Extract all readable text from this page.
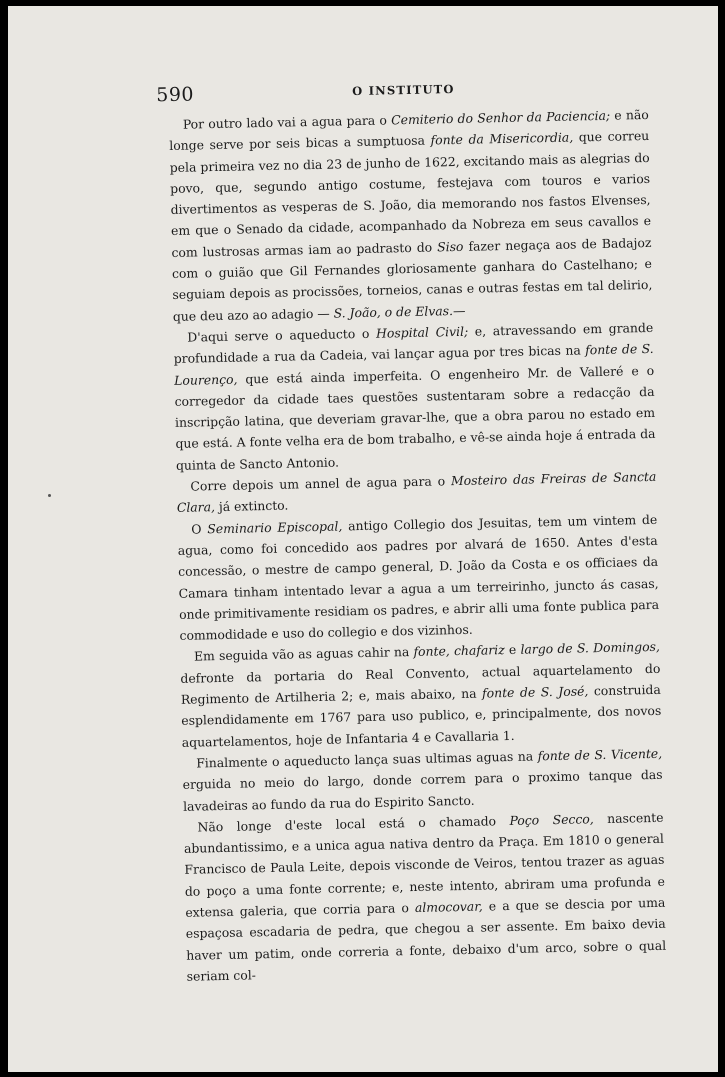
590	O INSTITUTO

Por outro lado vai a agua para o Cemiterio do Senhor da Paciencia; e não longe serve por seis bicas a sumptuosa fonte da Misericordia, que correu pela primeira vez no dia 23 de junho de 1622, excitando mais as alegrias do povo, que, segundo antigo costume, festejava com touros e varios divertimentos as vesperas de S. João, dia memorando nos fastos Elvenses, em que o Senado da cidade, acompanhado da Nobreza em seus cavallos e com lustrosas armas iam ao padrasto do Siso fazer negaça aos de Badajoz com o guião que Gil Fernandes gloriosamente ganhara do Castelhano; e seguiam depois as procissões, torneios, canas e outras festas em tal delirio, que deu azo ao adagio — S. João, o de Elvas.—

D'aqui serve o aqueducto o Hospital Civil; e, atravessando em grande profundidade a rua da Cadeia, vai lançar agua por tres bicas na fonte de S. Lourenço, que está ainda imperfeita. O engenheiro Mr. de Valleré e o corregedor da cidade taes questões sustentaram sobre a redacção da inscripção latina, que deveriam gravar-lhe, que a obra parou no estado em que está. A fonte velha era de bom trabalho, e vê-se ainda hoje á entrada da quinta de Sancto Antonio.

Corre depois um annel de agua para o Mosteiro das Freiras de Sancta Clara, já extincto.

O Seminario Episcopal, antigo Collegio dos Jesuitas, tem um vintem de agua, como foi concedido aos padres por alvará de 1650. Antes d'esta concessão, o mestre de campo general, D. João da Costa e os officiaes da Camara tinham intentado levar a agua a um terreirinho, juncto ás casas, onde primitivamente residiam os padres, e abrir alli uma fonte publica para commodidade e uso do collegio e dos vizinhos.

Em seguida vão as aguas cahir na fonte, chafariz e largo de S. Domingos, defronte da portaria do Real Convento, actual aquartelamento do Regimento de Artilheria 2; e, mais abaixo, na fonte de S. José, construida esplendidamente em 1767 para uso publico, e, principalmente, dos novos aquartelamentos, hoje de Infantaria 4 e Cavallaria 1.

Finalmente o aqueducto lança suas ultimas aguas na fonte de S. Vicente, erguida no meio do largo, donde correm para o proximo tanque das lavadeiras ao fundo da rua do Espirito Sancto.

Não longe d'este local está o chamado Poço Secco, nascente abundantissimo, e a unica agua nativa dentro da Praça. Em 1810 o general Francisco de Paula Leite, depois visconde de Veiros, tentou trazer as aguas do poço a uma fonte corrente; e, neste intento, abriram uma profunda e extensa galeria, que corria para o almocovar, e a que se descia por uma espaçosa escadaria de pedra, que chegou a ser assente. Em baixo devia haver um patim, onde correria a fonte, debaixo d'um arco, sobre o qual seriam col-
